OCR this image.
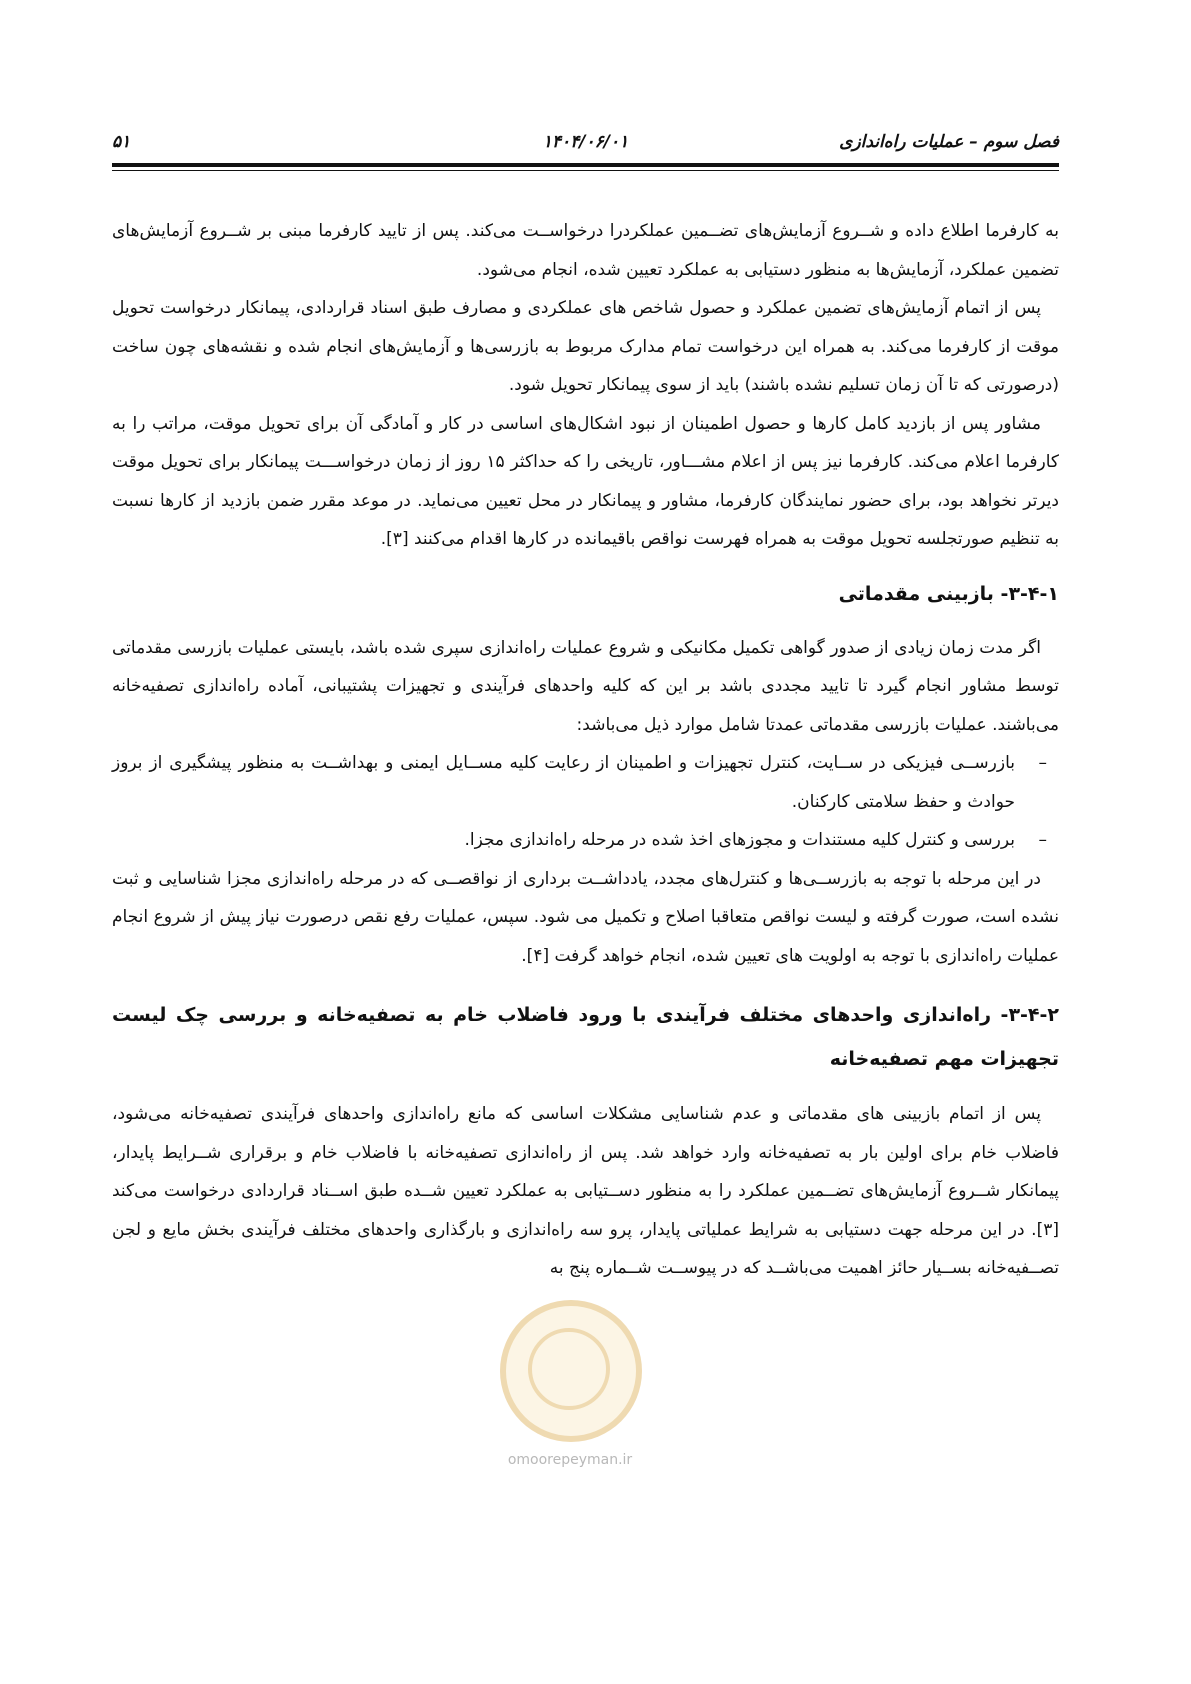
فصل سوم – عملیات راه‌اندازی
۱۴۰۴/۰۶/۰۱
۵۱

به کارفرما اطلاع داده و شــروع آزمایش‌های تضــمین عملکردرا درخواســت می‌کند. پس از تایید کارفرما مبنی بر شــروع آزمایش‌های تضمین عملکرد، آزمایش‌ها به منظور دستیابی به عملکرد تعیین شده، انجام می‌شود.

پس از اتمام آزمایش‌های تضمین عملکرد و حصول شاخص های عملکردی و مصارف طبق اسناد قراردادی، پیمانکار درخواست تحویل موقت از کارفرما می‌کند. به همراه این درخواست تمام مدارک مربوط به بازرسی‌ها و آزمایش‌های انجام شده و نقشه‌های چون ساخت (درصورتی که تا آن زمان تسلیم نشده باشند) باید از سوی پیمانکار تحویل شود.

مشاور پس از بازدید کامل کارها و حصول اطمینان از نبود اشکال‌های اساسی در کار و آمادگی آن برای تحویل موقت، مراتب را به کارفرما اعلام می‌کند. کارفرما نیز پس از اعلام مشـــاور، تاریخی را که حداکثر ۱۵ روز از زمان درخواســـت پیمانکار برای تحویل موقت دیرتر نخواهد بود، برای حضور نمایندگان کارفرما، مشاور و پیمانکار در محل تعیین می‌نماید. در موعد مقرر ضمن بازدید از کارها نسبت به تنظیم صورتجلسه تحویل موقت به همراه فهرست نواقص باقیمانده در کارها اقدام می‌کنند [۳].

۳-۴-۱- بازبینی مقدماتی

اگر مدت زمان زیادی از صدور گواهی تکمیل مکانیکی و شروع عملیات راه‌اندازی سپری شده باشد، بایستی عملیات بازرسی مقدماتی توسط مشاور انجام گیرد تا تایید مجددی باشد بر این که کلیه واحدهای فرآیندی و تجهیزات پشتیبانی، آماده راه‌اندازی تصفیه‌خانه می‌باشند. عملیات بازرسی مقدماتی عمدتا شامل موارد ذیل می‌باشد:

–
بازرســی فیزیکی در ســایت، کنترل تجهیزات و اطمینان از رعایت کلیه مســایل ایمنی و بهداشــت به منظور پیشگیری از بروز حوادث و حفظ سلامتی کارکنان.
–
بررسی و کنترل کلیه مستندات و مجوزهای اخذ شده در مرحله راه‌اندازی مجزا.

در این مرحله با توجه به بازرســی‌ها و کنترل‌های مجدد، یادداشــت برداری از نواقصــی که در مرحله راه‌اندازی مجزا شناسایی و ثبت نشده است، صورت گرفته و لیست نواقص متعاقبا اصلاح و تکمیل می شود. سپس، عملیات رفع نقص درصورت نیاز پیش از شروع انجام عملیات راه‌اندازی با توجه به اولویت های تعیین شده، انجام خواهد گرفت [۴].

۳-۴-۲- راه‌اندازی واحدهای مختلف فرآیندی با ورود فاضلاب خام به تصفیه‌خانه و بررسی چک لیست تجهیزات مهم تصفیه‌خانه

پس از اتمام بازبینی های مقدماتی و عدم شناسایی مشکلات اساسی که مانع راه‌اندازی واحدهای فرآیندی تصفیه‌خانه می‌شود، فاضلاب خام برای اولین بار به تصفیه‌خانه وارد خواهد شد. پس از راه‌اندازی تصفیه‌خانه با فاضلاب خام و برقراری شــرایط پایدار، پیمانکار شــروع آزمایش‌های تضــمین عملکرد را به منظور دســتیابی به عملکرد تعیین شــده طبق اســناد قراردادی درخواست می‌کند [۳]. در این مرحله جهت دستیابی به شرایط عملیاتی پایدار، پرو سه راه‌اندازی و بارگذاری واحدهای مختلف فرآیندی بخش مایع و لجن تصــفیه‌خانه بســیار حائز اهمیت می‌باشــد که در پیوســت شــماره پنج به

omoorepeyman.ir
